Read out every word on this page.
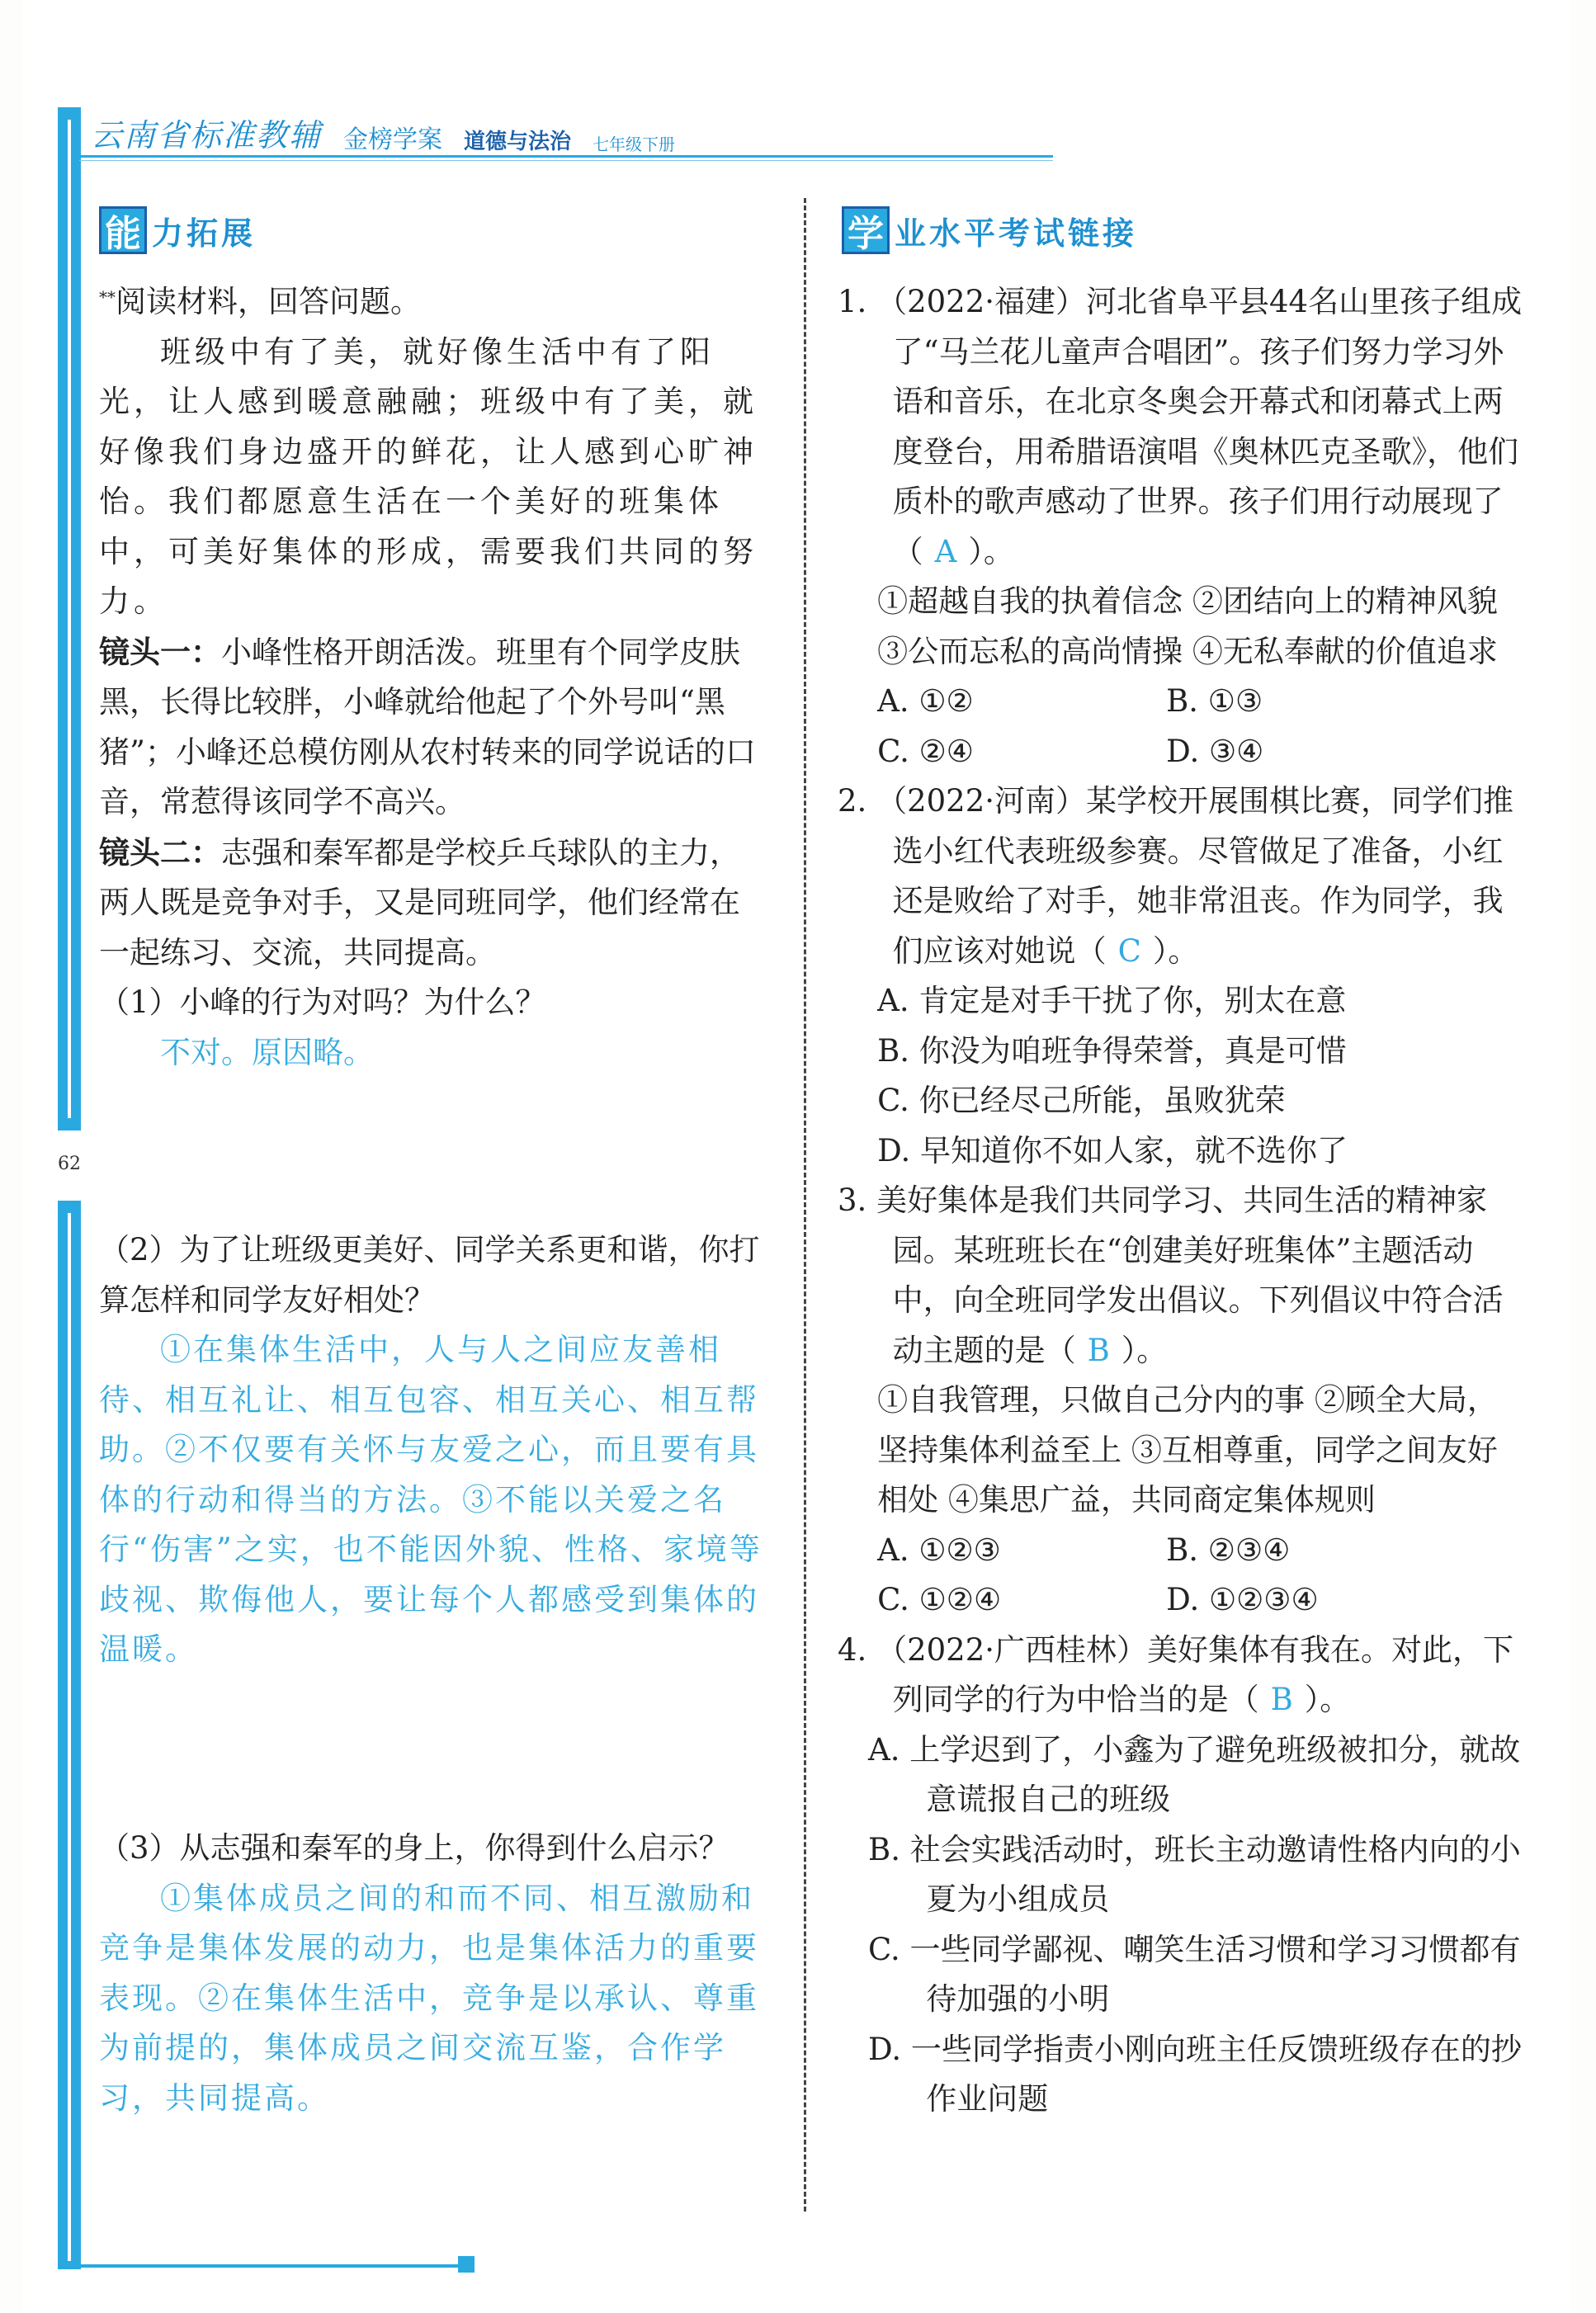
62
云南省标准教辅 金榜学案 道德与法治 七年级下册
能 力拓展

**阅读材料，回答问题。

班级中有了美，就好像生活中有了阳光，让人感到暖意融融；班级中有了美，就好像我们身边盛开的鲜花，让人感到心旷神怡。我们都愿意生活在一个美好的班集体中，可美好集体的形成，需要我们共同的努力。

镜头一：小峰性格开朗活泼。班里有个同学皮肤黑，长得比较胖，小峰就给他起了个外号叫“黑猪”；小峰还总模仿刚从农村转来的同学说话的口音，常惹得该同学不高兴。

镜头二：志强和秦军都是学校乒乓球队的主力，两人既是竞争对手，又是同班同学，他们经常在一起练习、交流，共同提高。

（1）小峰的行为对吗？为什么？

不对。原因略。

（2）为了让班级更美好、同学关系更和谐，你打算怎样和同学友好相处？

①在集体生活中，人与人之间应友善相待、相互礼让、相互包容、相互关心、相互帮助。②不仅要有关怀与友爱之心，而且要有具体的行动和得当的方法。③不能以关爱之名行“伤害”之实，也不能因外貌、性格、家境等歧视、欺侮他人，要让每个人都感受到集体的温暖。

（3）从志强和秦军的身上，你得到什么启示？

①集体成员之间的和而不同、相互激励和竞争是集体发展的动力，也是集体活力的重要表现。②在集体生活中，竞争是以承认、尊重为前提的，集体成员之间交流互鉴，合作学习，共同提高。

学 业水平考试链接

1. （2022·福建）河北省阜平县44名山里孩子组成了“马兰花儿童声合唱团”。孩子们努力学习外语和音乐，在北京冬奥会开幕式和闭幕式上两度登台，用希腊语演唱《奥林匹克圣歌》，他们质朴的歌声感动了世界。孩子们用行动展现了（ A ）。

①超越自我的执着信念 ②团结向上的精神风貌 ③公而忘私的高尚情操 ④无私奉献的价值追求

A. ①②	B. ①③
C. ②④	D. ③④

2. （2022·河南）某学校开展围棋比赛，同学们推选小红代表班级参赛。尽管做足了准备，小红还是败给了对手，她非常沮丧。作为同学，我们应该对她说（ C ）。

A. 肯定是对手干扰了你，别太在意

B. 你没为咱班争得荣誉，真是可惜

C. 你已经尽己所能，虽败犹荣

D. 早知道你不如人家，就不选你了

3. 美好集体是我们共同学习、共同生活的精神家园。某班班长在“创建美好班集体”主题活动中，向全班同学发出倡议。下列倡议中符合活动主题的是（ B ）。

①自我管理，只做自己分内的事 ②顾全大局，坚持集体利益至上 ③互相尊重，同学之间友好相处 ④集思广益，共同商定集体规则

A. ①②③	B. ②③④
C. ①②④	D. ①②③④

4. （2022·广西桂林）美好集体有我在。对此，下列同学的行为中恰当的是（ B ）。

A. 上学迟到了，小鑫为了避免班级被扣分，就故意谎报自己的班级

B. 社会实践活动时，班长主动邀请性格内向的小夏为小组成员

C. 一些同学鄙视、嘲笑生活习惯和学习习惯都有待加强的小明

D. 一些同学指责小刚向班主任反馈班级存在的抄作业问题
